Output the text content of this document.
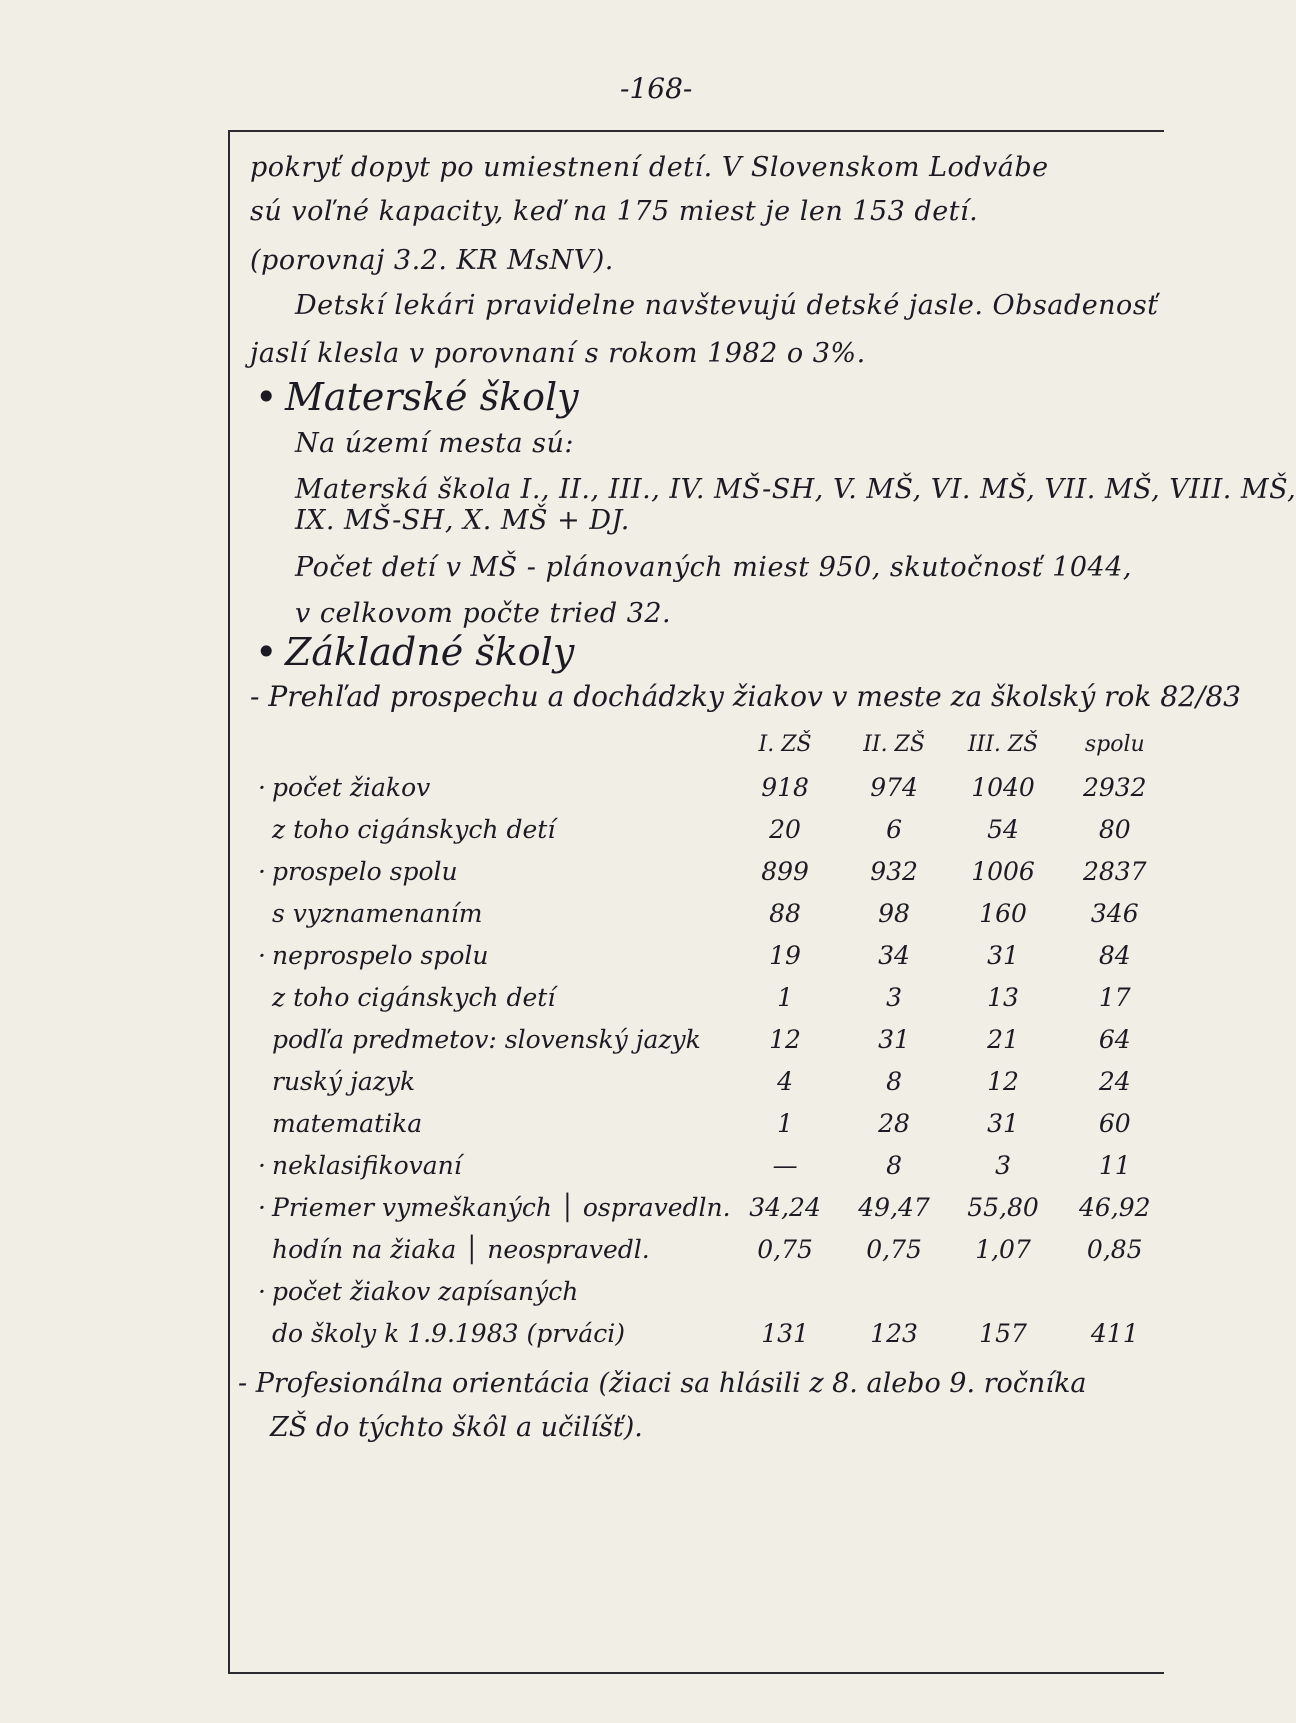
-168-
pokryť dopyt po umiestnení detí. V Slovenskom Lodvábe
sú voľné kapacity, keď na 175 miest je len 153 detí.
(porovnaj 3.2. KR MsNV).
Detskí lekári pravidelne navštevujú detské jasle. Obsadenosť
jaslí klesla v porovnaní s rokom 1982 o 3%.
• Materské školy
Na území mesta sú:
Materská škola I., II., III., IV. MŠ-SH, V. MŠ, VI. MŠ, VII. MŠ, VIII. MŠ,
IX. MŠ-SH, X. MŠ + DJ.
Počet detí v MŠ - plánovaných miest 950, skutočnosť 1044,
v celkovom počte tried 32.
• Základné školy
- Prehľad prospechu a dochádzky žiakov v meste za školský rok 82/83
	I. ZŠ	II. ZŠ	III. ZŠ	spolu
· počet žiakov	918	974	1040	2932
z toho cigánskych detí	20	6	54	80
· prospelo spolu	899	932	1006	2837
s vyznamenaním	88	98	160	346
· neprospelo spolu	19	34	31	84
z toho cigánskych detí	1	3	13	17
podľa predmetov: slovenský jazyk	12	31	21	64
ruský jazyk	4	8	12	24
matematika	1	28	31	60
· neklasifikovaní	—	8	3	11
· Priemer vymeškaných │ ospravedln.	34,24	49,47	55,80	46,92
hodín na žiaka │ neospravedl.	0,75	0,75	1,07	0,85
· počet žiakov zapísaných				
do školy k 1.9.1983 (prváci)	131	123	157	411
- Profesionálna orientácia (žiaci sa hlásili z 8. alebo 9. ročníka
ZŠ do týchto škôl a učilíšť).
